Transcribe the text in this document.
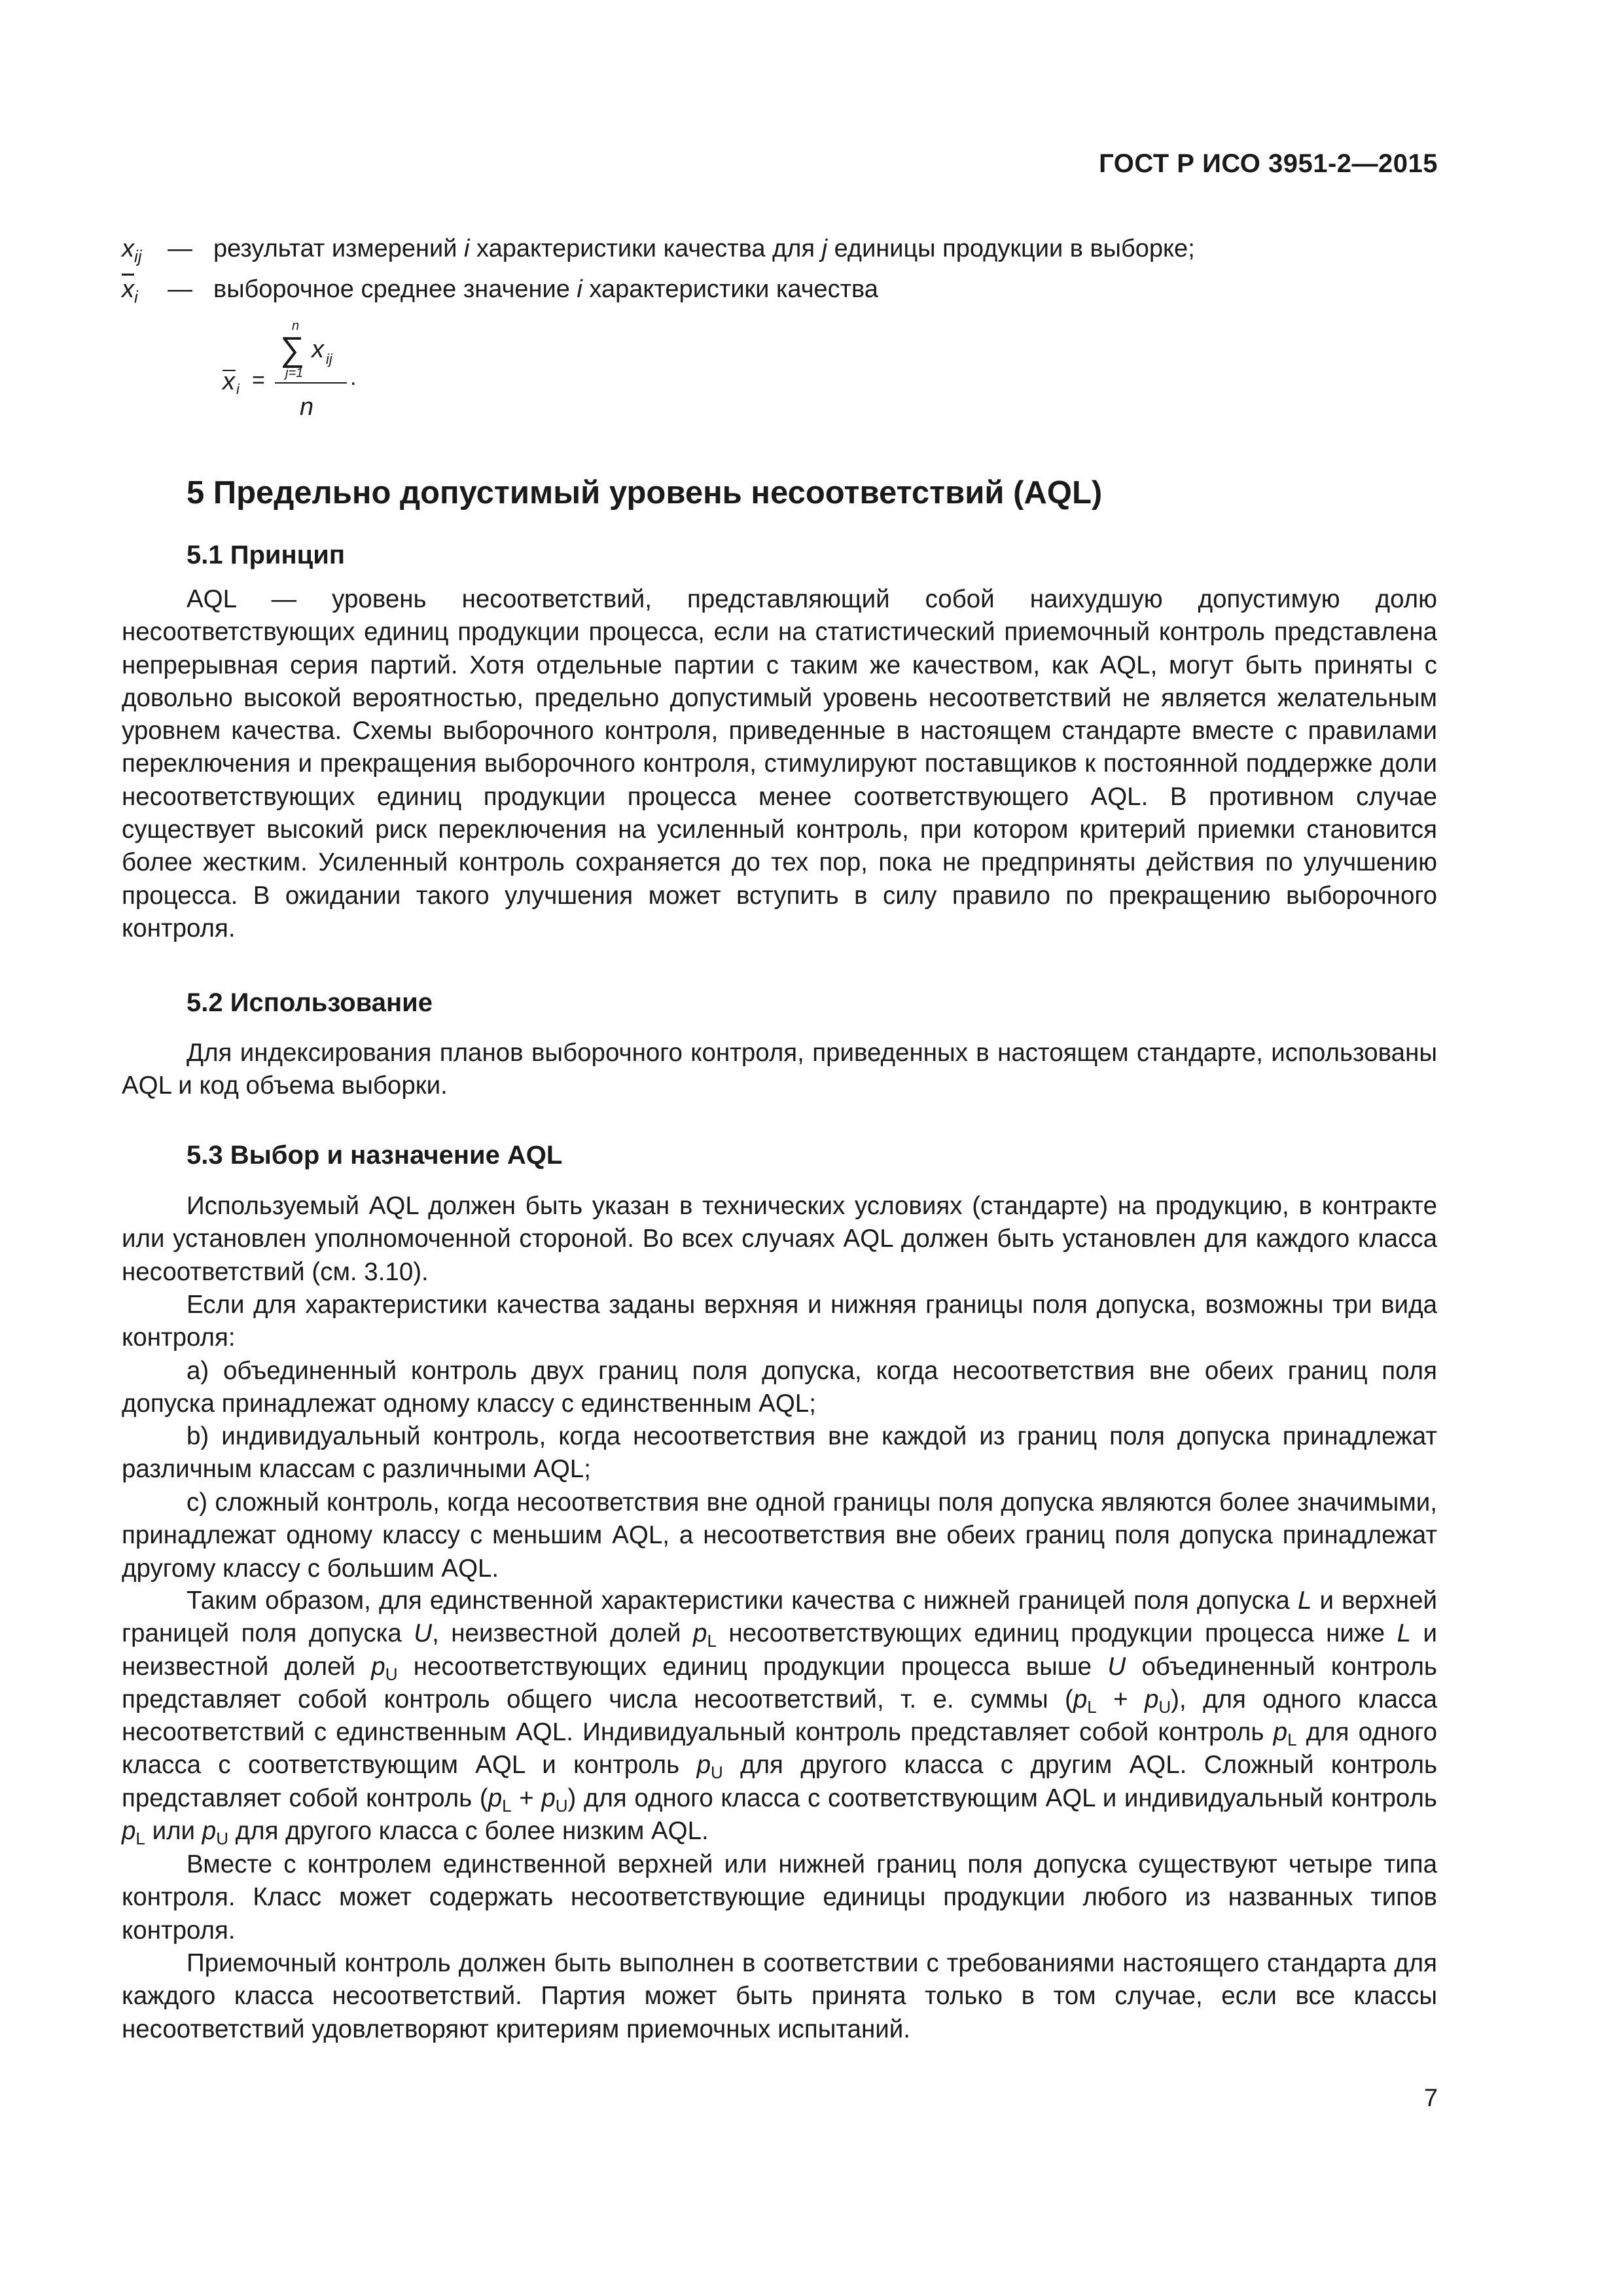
ГОСТ Р ИСО 3951-2—2015
$x_{ij}$	— результат измерений i характеристики качества для j единицы продукции в выборке;
$\overline{x}_i$	— выборочное среднее значение i характеристики качества
x i =
n
∑
j=1
x ij
n
.
5 Предельно допустимый уровень несоответствий (AQL)
5.1 Принцип

AQL — уровень несоответствий, представляющий собой наихудшую допустимую долю несоответствующих единиц продукции процесса, если на статистический приемочный контроль представлена непрерывная серия партий. Хотя отдельные партии с таким же качеством, как AQL, могут быть приняты с довольно высокой вероятностью, предельно допустимый уровень несоответствий не является желательным уровнем качества. Схемы выборочного контроля, приведенные в настоящем стандарте вместе с правилами переключения и прекращения выборочного контроля, стимулируют поставщиков к постоянной поддержке доли несоответствующих единиц продукции процесса менее соответствующего AQL. В противном случае существует высокий риск переключения на усиленный контроль, при котором критерий приемки становится более жестким. Усиленный контроль сохраняется до тех пор, пока не предприняты действия по улучшению процесса. В ожидании такого улучшения может вступить в силу правило по прекращению выборочного контроля.

5.2 Использование

Для индексирования планов выборочного контроля, приведенных в настоящем стандарте, использованы AQL и код объема выборки.

5.3 Выбор и назначение AQL

Используемый AQL должен быть указан в технических условиях (стандарте) на продукцию, в контракте или установлен уполномоченной стороной. Во всех случаях AQL должен быть установлен для каждого класса несоответствий (см. 3.10).

Если для характеристики качества заданы верхняя и нижняя границы поля допуска, возможны три вида контроля:

a) объединенный контроль двух границ поля допуска, когда несоответствия вне обеих границ поля допуска принадлежат одному классу с единственным AQL;

b) индивидуальный контроль, когда несоответствия вне каждой из границ поля допуска принадлежат различным классам с различными AQL;

c) сложный контроль, когда несоответствия вне одной границы поля допуска являются более значимыми, принадлежат одному классу с меньшим AQL, а несоответствия вне обеих границ поля допуска принадлежат другому классу с большим AQL.

Таким образом, для единственной характеристики качества с нижней границей поля допуска L и верхней границей поля допуска U, неизвестной долей $p_L$ несоответствующих единиц продукции процесса ниже L и неизвестной долей $p_U$ несоответствующих единиц продукции процесса выше U объединенный контроль представляет собой контроль общего числа несоответствий, т. е. суммы $(p_L + p_U)$, для одного класса несоответствий с единственным AQL. Индивидуальный контроль представляет собой контроль $p_L$ для одного класса с соответствующим AQL и контроль $p_U$ для другого класса с другим AQL. Сложный контроль представляет собой контроль $(p_L + p_U)$ для одного класса с соответствующим AQL и индивидуальный контроль $p_L$ или $p_U$ для другого класса с более низким AQL.

Вместе с контролем единственной верхней или нижней границ поля допуска существуют четыре типа контроля. Класс может содержать несоответствующие единицы продукции любого из названных типов контроля.

Приемочный контроль должен быть выполнен в соответствии с требованиями настоящего стандарта для каждого класса несоответствий. Партия может быть принята только в том случае, если все классы несоответствий удовлетворяют критериям приемочных испытаний.

7
